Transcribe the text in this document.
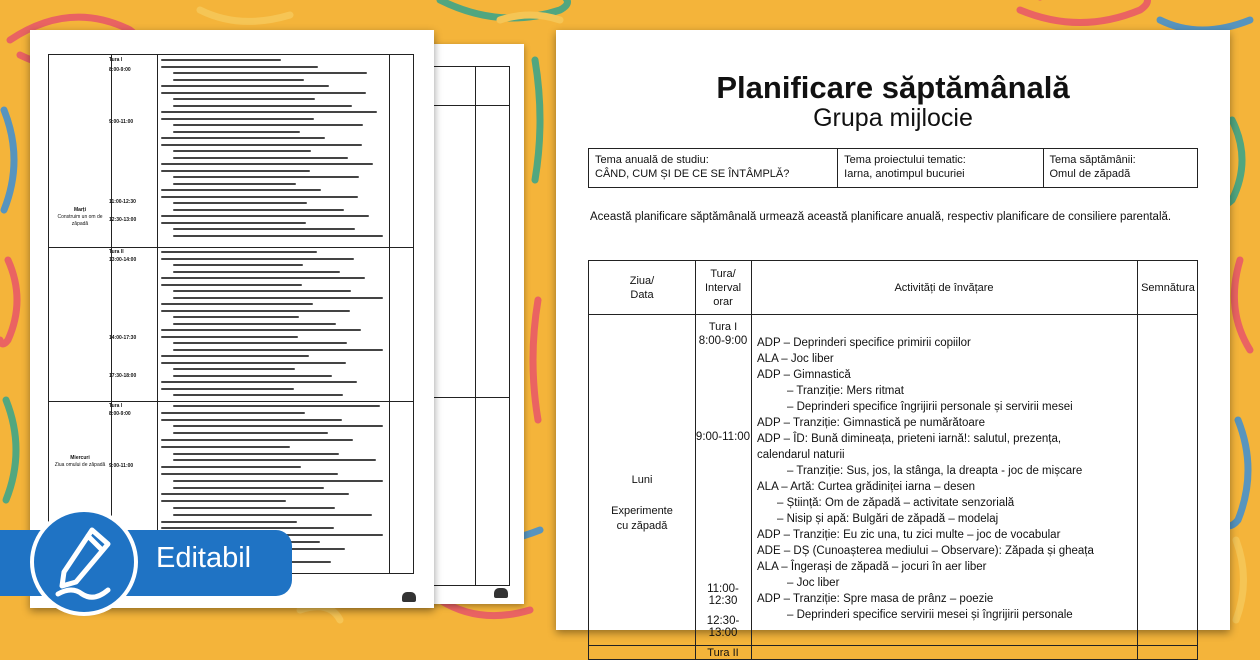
Marți
Construim un om de zăpadă
Miercuri
Ziua omului de zăpadă
Tura I
8:00-9:00
9:00-11:00
11:00-12:30
12:30-13:00
Tura II
13:00-14:00
14:00-17:30
17:30-18:00
Tura I
8:00-9:00
9:00-11:00
Editabil
Planificare săptămânală
Grupa mijlocie
Tema anuală de studiu:
CÂND, CUM ȘI DE CE SE ÎNTÂMPLĂ?
Tema proiectului tematic:
Iarna, anotimpul bucuriei
Tema săptămânii:
Omul de zăpadă
Această planificare săptămânală urmează această planificare anuală, respectiv planificare de consiliere parentală.
Ziua/ Data
Tura/ Interval orar
Activități de învățare	Semnătura
Luni
Experimente cu zăpadă
Tura I
8:00-9:00
9:00-11:00
11:00-12:30
12:30-13:00
ADP – Deprinderi specifice primirii copiilor
ALA – Joc liber
ADP – Gimnastică
– Tranziție: Mers ritmat
– Deprinderi specifice îngrijirii personale și servirii mesei
ADP – Tranziție: Gimnastică pe numărătoare
ADP – ÎD: Bună dimineața, prieteni iarnă!: salutul, prezența,
calendarul naturii
– Tranziție: Sus, jos, la stânga, la dreapta - joc de mișcare
ALA – Artă: Curtea grădiniței iarna – desen
– Știință: Om de zăpadă – activitate senzorială
– Nisip și apă: Bulgări de zăpadă – modelaj
ADP – Tranziție: Eu zic una, tu zici multe – joc de vocabular
ADE – DȘ (Cunoașterea mediului – Observare): Zăpada și gheața
ALA – Îngerași de zăpadă – jocuri în aer liber
– Joc liber
ADP – Tranziție: Spre masa de prânz – poezie
– Deprinderi specifice servirii mesei și îngrijirii personale
Tura II
